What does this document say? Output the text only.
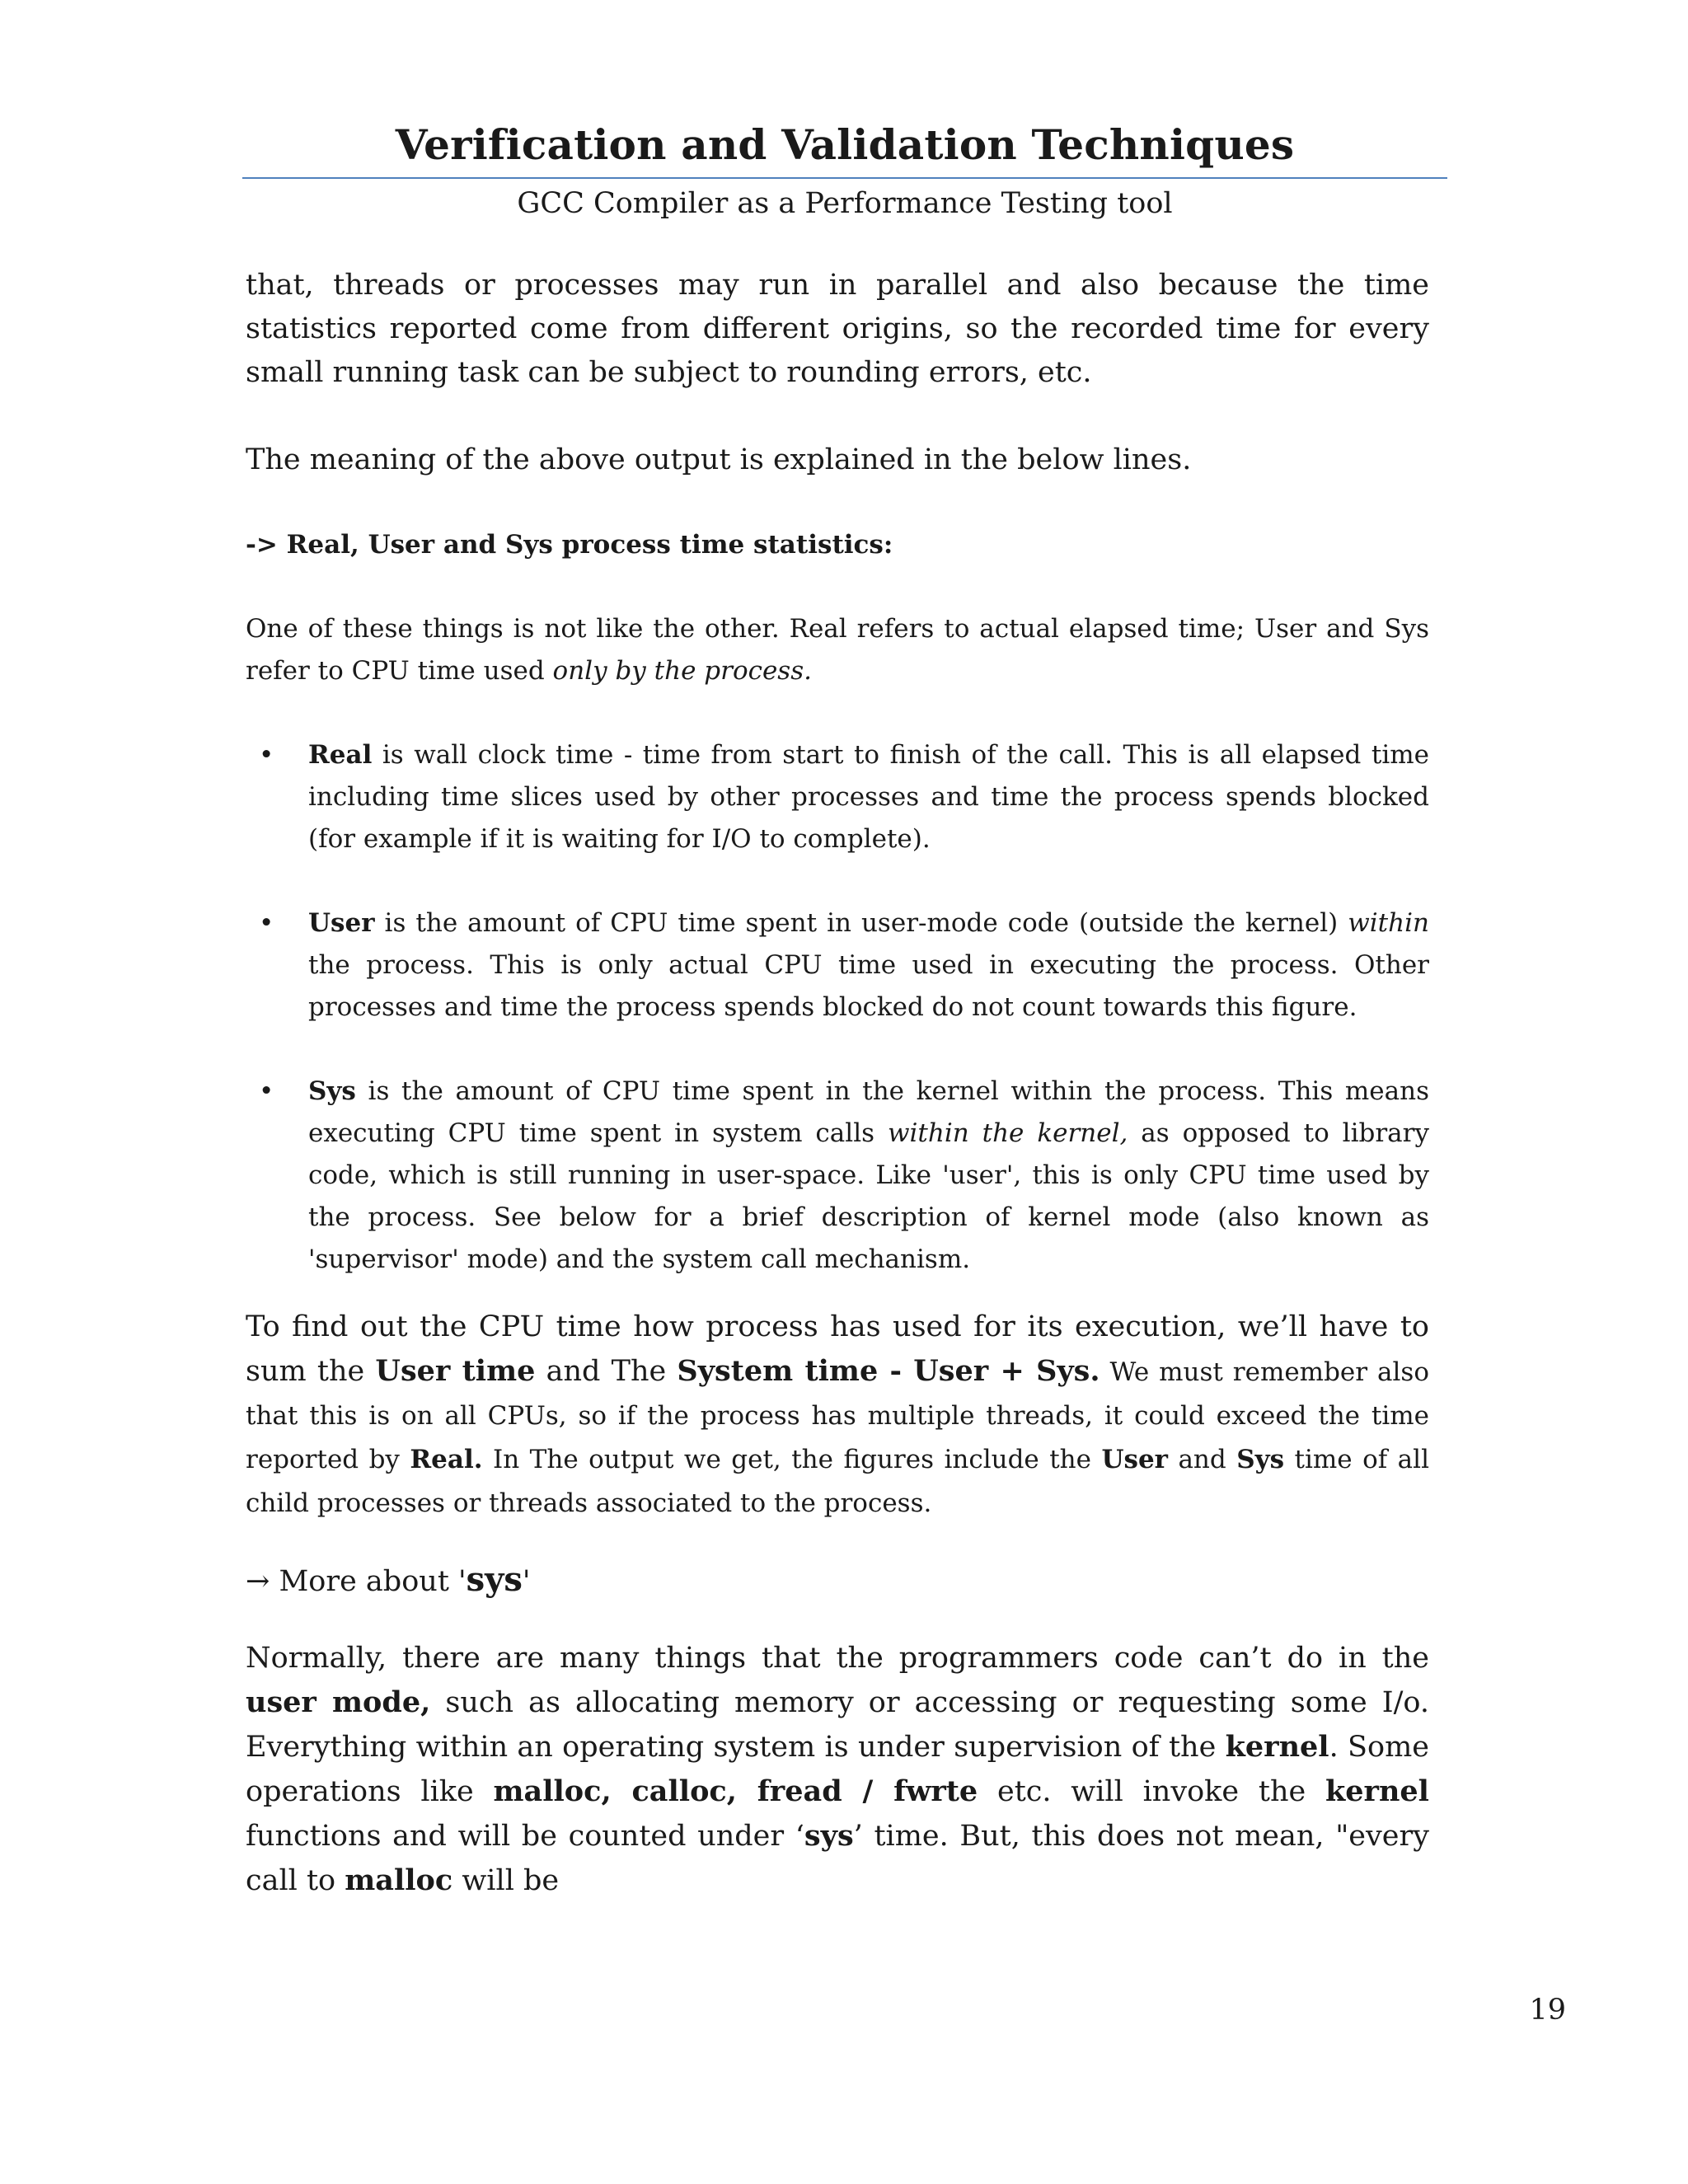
Verification and Validation Techniques
GCC Compiler as a Performance Testing tool

that, threads or processes may run in parallel and also because the time statistics reported come from different origins, so the recorded time for every small running task can be subject to rounding errors, etc.

The meaning of the above output is explained in the below lines.

-> Real, User and Sys process time statistics:

One of these things is not like the other. Real refers to actual elapsed time; User and Sys refer to CPU time used only by the process.

• Real is wall clock time - time from start to finish of the call. This is all elapsed time including time slices used by other processes and time the process spends blocked (for example if it is waiting for I/O to complete).
• User is the amount of CPU time spent in user-mode code (outside the kernel) within the process. This is only actual CPU time used in executing the process. Other processes and time the process spends blocked do not count towards this figure.
• Sys is the amount of CPU time spent in the kernel within the process. This means executing CPU time spent in system calls within the kernel, as opposed to library code, which is still running in user-space. Like 'user', this is only CPU time used by the process. See below for a brief description of kernel mode (also known as 'supervisor' mode) and the system call mechanism.

To find out the CPU time how process has used for its execution, we’ll have to sum the User time and The System time - User + Sys. We must remember also that this is on all CPUs, so if the process has multiple threads, it could exceed the time reported by Real. In The output we get, the figures include the User and Sys time of all child processes or threads associated to the process.

→ More about 'sys'

Normally, there are many things that the programmers code can’t do in the user mode, such as allocating memory or accessing or requesting some I/o. Everything within an operating system is under supervision of the kernel. Some operations like malloc, calloc, fread / fwrte etc. will invoke the kernel functions and will be counted under ‘sys’ time. But, this does not mean, "every call to malloc will be

19
